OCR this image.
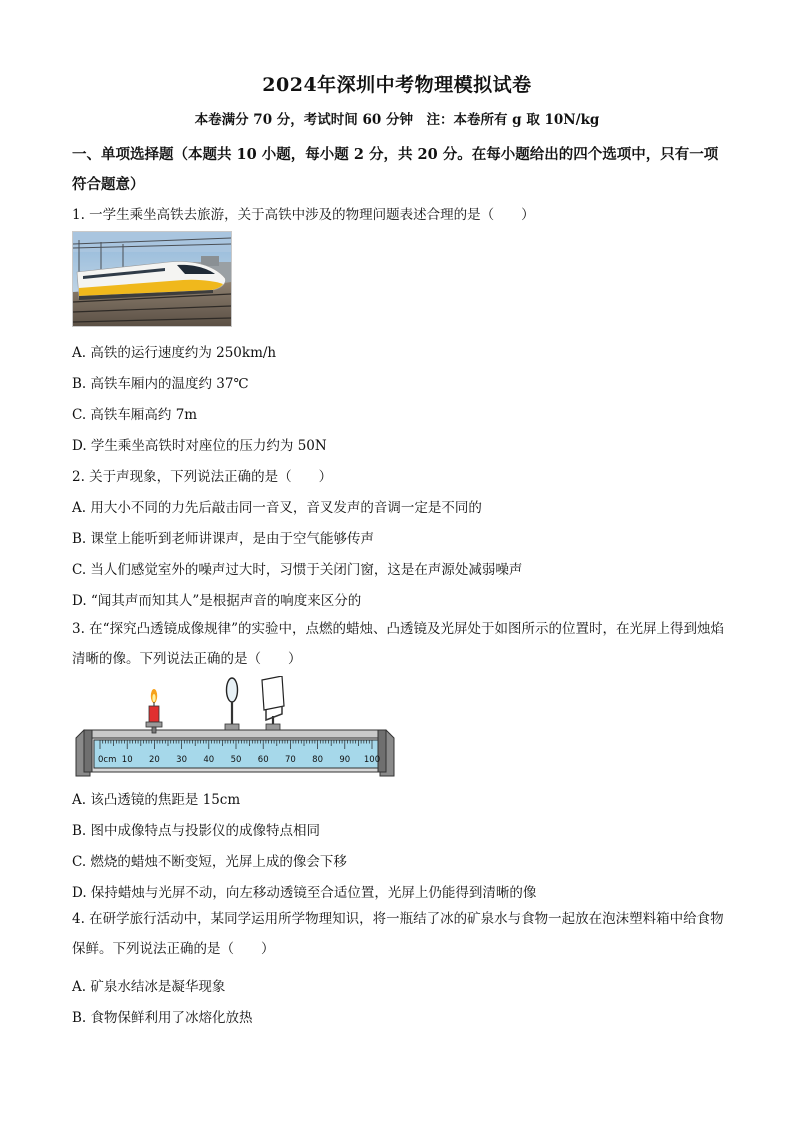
2024年深圳中考物理模拟试卷
本卷满分 70 分，考试时间 60 分钟　注：本卷所有 g 取 10N/kg
一、单项选择题（本题共 10 小题，每小题 2 分，共 20 分。在每小题给出的四个选项中，只有一项符合题意）
1. 一学生乘坐高铁去旅游，关于高铁中涉及的物理问题表述合理的是（　　）
A. 高铁的运行速度约为 250km/h
B. 高铁车厢内的温度约 37℃
C. 高铁车厢高约 7m
D. 学生乘坐高铁时对座位的压力约为 50N
2. 关于声现象，下列说法正确的是（　　）
A. 用大小不同的力先后敲击同一音叉，音叉发声的音调一定是不同的
B. 课堂上能听到老师讲课声，是由于空气能够传声
C. 当人们感觉室外的噪声过大时，习惯于关闭门窗，这是在声源处减弱噪声
D. “闻其声而知其人”是根据声音的响度来区分的
3. 在“探究凸透镜成像规律”的实验中，点燃的蜡烛、凸透镜及光屏处于如图所示的位置时，在光屏上得到烛焰清晰的像。下列说法正确的是（　　）
0cm 10 20 30 40 50 60 70 80 90 100
A. 该凸透镜的焦距是 15cm
B. 图中成像特点与投影仪的成像特点相同
C. 燃烧的蜡烛不断变短，光屏上成的像会下移
D. 保持蜡烛与光屏不动，向左移动透镜至合适位置，光屏上仍能得到清晰的像
4. 在研学旅行活动中，某同学运用所学物理知识，将一瓶结了冰的矿泉水与食物一起放在泡沫塑料箱中给食物保鲜。下列说法正确的是（　　）
A. 矿泉水结冰是凝华现象
B. 食物保鲜利用了冰熔化放热
